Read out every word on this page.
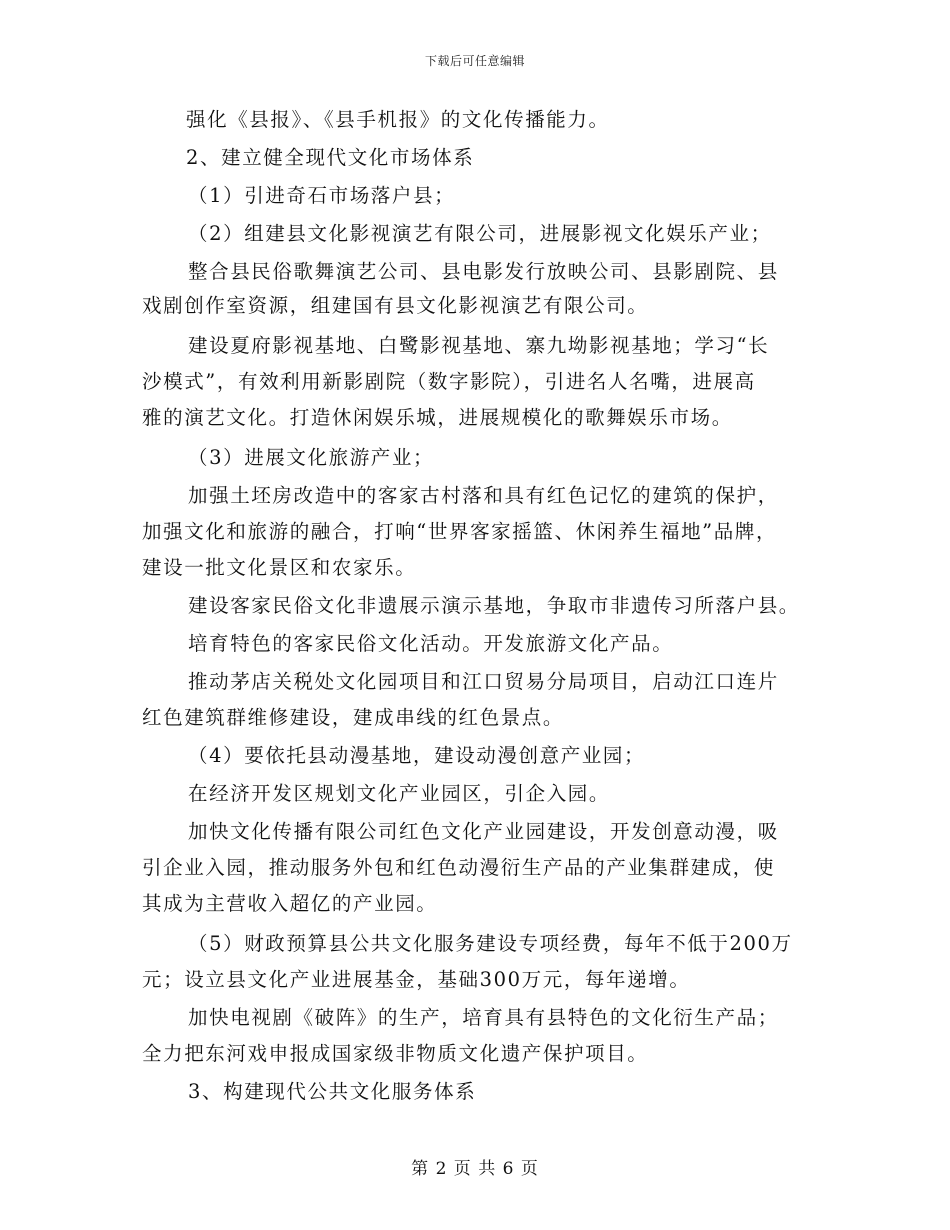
下载后可任意编辑
强化《县报》、《县手机报》的文化传播能力。
2、建立健全现代文化市场体系
（1）引进奇石市场落户县；
（2）组建县文化影视演艺有限公司，进展影视文化娱乐产业；
整合县民俗歌舞演艺公司、县电影发行放映公司、县影剧院、县
戏剧创作室资源，组建国有县文化影视演艺有限公司。
建设夏府影视基地、白鹭影视基地、寨九坳影视基地；学习“长
沙模式”，有效利用新影剧院（数字影院），引进名人名嘴，进展高
雅的演艺文化。打造休闲娱乐城，进展规模化的歌舞娱乐市场。
（3）进展文化旅游产业；
加强土坯房改造中的客家古村落和具有红色记忆的建筑的保护，
加强文化和旅游的融合，打响“世界客家摇篮、休闲养生福地”品牌，
建设一批文化景区和农家乐。
建设客家民俗文化非遗展示演示基地，争取市非遗传习所落户县。
培育特色的客家民俗文化活动。开发旅游文化产品。
推动茅店关税处文化园项目和江口贸易分局项目，启动江口连片
红色建筑群维修建设，建成串线的红色景点。
（4）要依托县动漫基地，建设动漫创意产业园；
在经济开发区规划文化产业园区，引企入园。
加快文化传播有限公司红色文化产业园建设，开发创意动漫，吸
引企业入园，推动服务外包和红色动漫衍生产品的产业集群建成，使
其成为主营收入超亿的产业园。
（5）财政预算县公共文化服务建设专项经费，每年不低于200万
元；设立县文化产业进展基金，基础300万元，每年递增。
加快电视剧《破阵》的生产，培育具有县特色的文化衍生产品；
全力把东河戏申报成国家级非物质文化遗产保护项目。
3、构建现代公共文化服务体系
第 2 页 共 6 页
